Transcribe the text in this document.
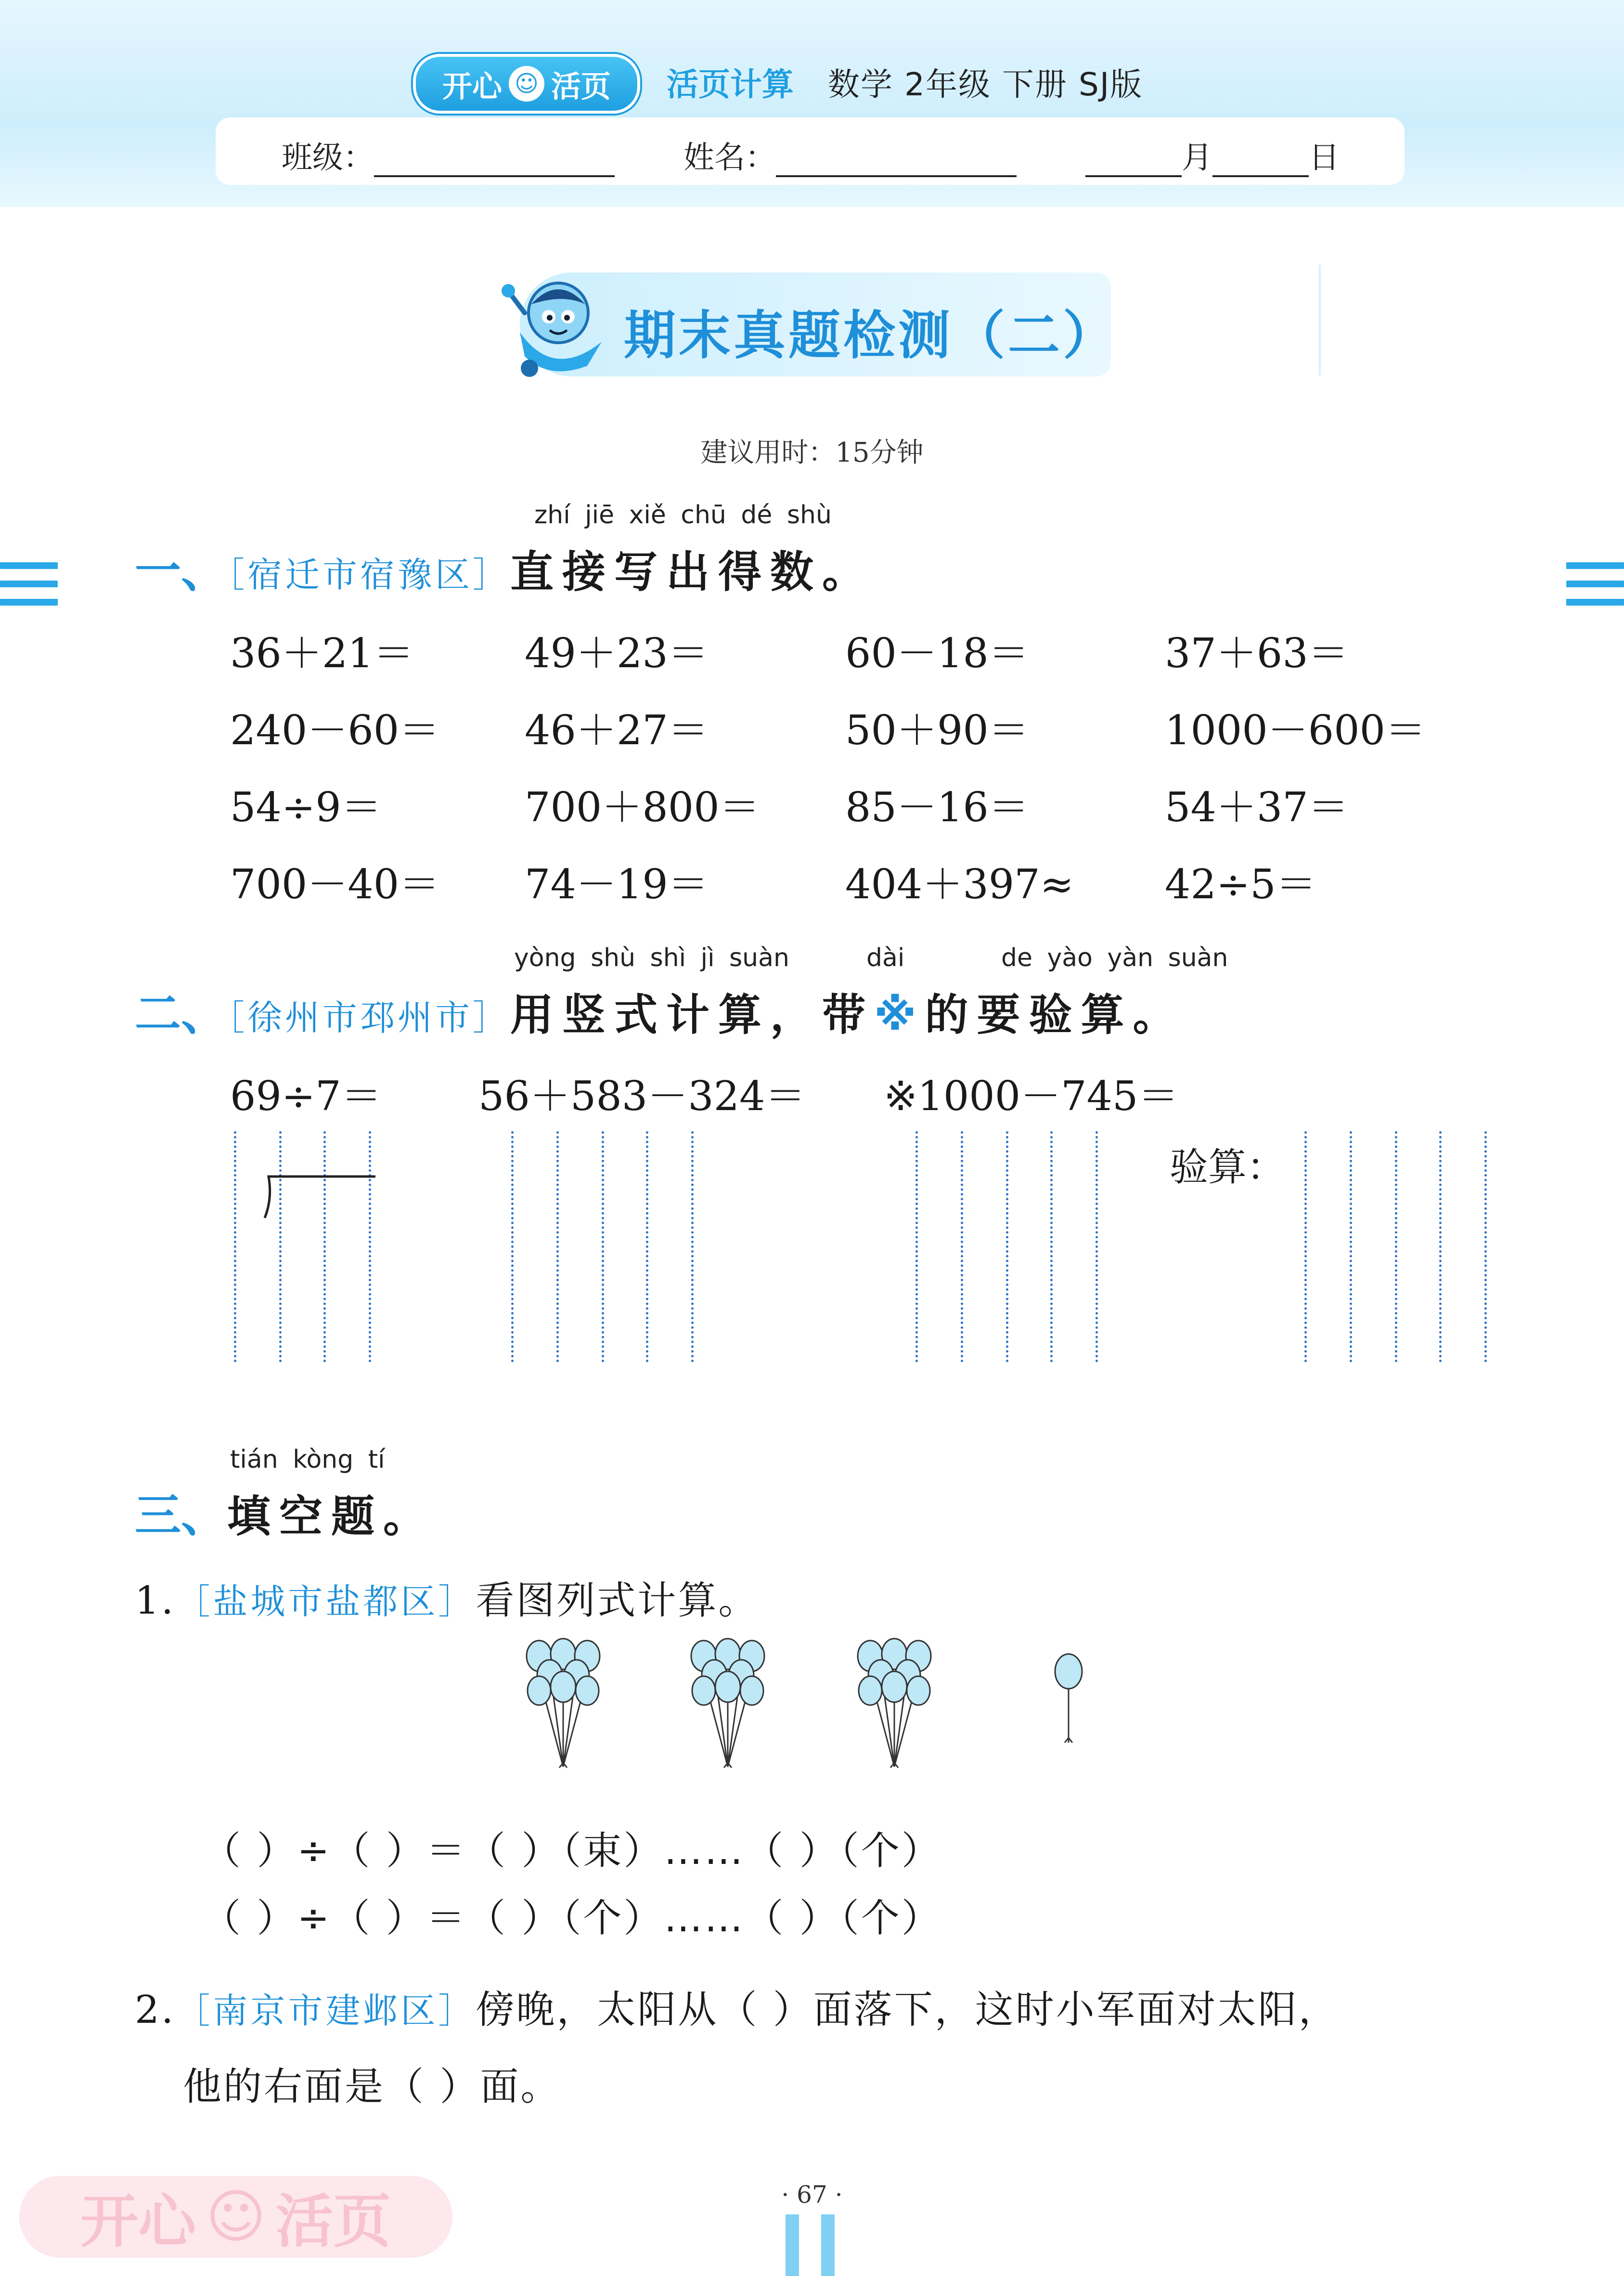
开心 ☺ 活页 活页计算 数学 2年级 下册 SJ版
班级：	姓名：	月	日
期末真题检测（二）
建议用时：15分钟
zhí jiē xiě chū dé shù
一、［宿迁市宿豫区］直接写出得数。
36＋21＝	49＋23＝	60－18＝	37＋63＝
240－60＝ 46＋27＝	50＋90＝	1000－600＝
54÷9＝	700＋800＝ 85－16＝	54＋37＝
700－40＝ 74－19＝	404＋397≈ 42÷5＝
yòng shù shì jì suàn	dài	de yào yàn suàn
二、［徐州市邳州市］用竖式计算，带※的要验算。
69÷7＝ 56＋583－324＝ ※1000－745＝
验算：
tián kòng tí
三、填空题。
1.［盐城市盐都区］看图列式计算。
（ ）÷（ ）＝（ ）（束）……（ ）（个）
（ ）÷（ ）＝（ ）（个）……（ ）（个）
2.［南京市建邺区］傍晚，太阳从（ ）面落下，这时小军面对太阳，
他的右面是（ ）面。
开心 ☺ 活页	· 67 ·
